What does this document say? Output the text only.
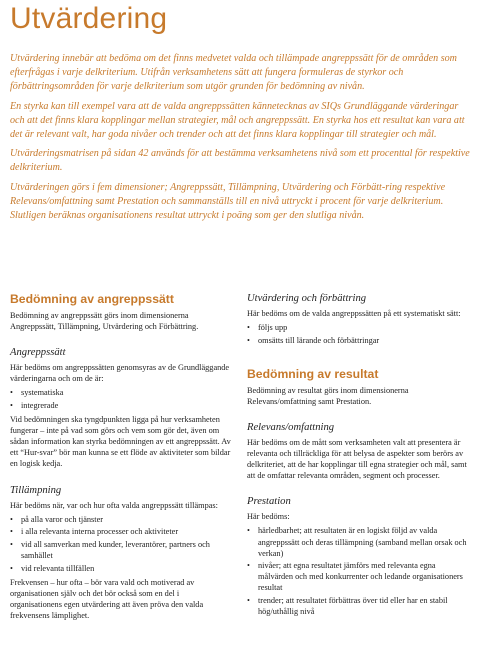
Utvärdering

Utvärdering innebär att bedöma om det finns medvetet valda och tillämpade angreppssätt för de områden som efterfrågas i varje delkriterium. Utifrån verksamhetens sätt att fungera formuleras de styrkor och förbättringsområden för varje delkriterium som utgör grunden för bedömning av nivån.

En styrka kan till exempel vara att de valda angreppssätten kännetecknas av SIQs Grundläggande värderingar och att det finns klara kopplingar mellan strategier, mål och angreppssätt. En styrka hos ett resultat kan vara att det är relevant valt, har goda nivåer och trender och att det finns klara kopplingar till strategier och mål.

Utvärderingsmatrisen på sidan 42 används för att bestämma verksamhetens nivå som ett procenttal för respektive delkriterium.

Utvärderingen görs i fem dimensioner; Angreppssätt, Tillämpning, Utvärdering och Förbätt-ring respektive Relevans/omfattning samt Prestation och sammanställs till en nivå uttryckt i procent för varje delkriterium. Slutligen beräknas organisationens resultat uttryckt i poäng som ger den slutliga nivån.

Bedömning av angreppssätt

Bedömning av angreppssätt görs inom dimensionerna Angreppssätt, Tillämpning, Utvärdering och Förbättring.

Angreppssätt

Här bedöms om angreppssätten genomsyras av de Grundläggande värderingarna och om de är:

• systematiska
• integrerade

Vid bedömningen ska tyngdpunkten ligga på hur verksamheten fungerar – inte på vad som görs och vem som gör det, även om sådan information kan styrka bedömningen av ett angreppssätt. Av ett “Hur-svar” bör man kunna se ett flöde av aktiviteter som bildar en logisk kedja.

Tillämpning

Här bedöms när, var och hur ofta valda angreppssätt tillämpas:

• på alla varor och tjänster
• i alla relevanta interna processer och aktiviteter
• vid all samverkan med kunder, leverantörer, partners och samhället
• vid relevanta tillfällen

Frekvensen – hur ofta – bör vara vald och motiverad av organisationen själv och det bör också som en del i organisationens egen utvärdering att även pröva den valda frekvensens lämplighet.

Utvärdering och förbättring

Här bedöms om de valda angreppssätten på ett systematiskt sätt:

• följs upp
• omsätts till lärande och förbättringar
Bedömning av resultat

Bedömning av resultat görs inom dimensionerna Relevans/omfattning samt Prestation.

Relevans/omfattning

Här bedöms om de mått som verksamheten valt att presentera är relevanta och tillräckliga för att belysa de aspekter som berörs av delkriteriet, att de har kopplingar till egna strategier och mål, samt att de omfattar relevanta områden, segment och processer.

Prestation

Här bedöms:

• härledbarhet; att resultaten är en logiskt följd av valda angreppssätt och deras tillämpning (samband mellan orsak och verkan)
• nivåer; att egna resultatet jämförs med relevanta egna målvärden och med konkurrenter och ledande organisationers resultat
• trender; att resultatet förbättras över tid eller har en stabil hög/uthållig nivå
